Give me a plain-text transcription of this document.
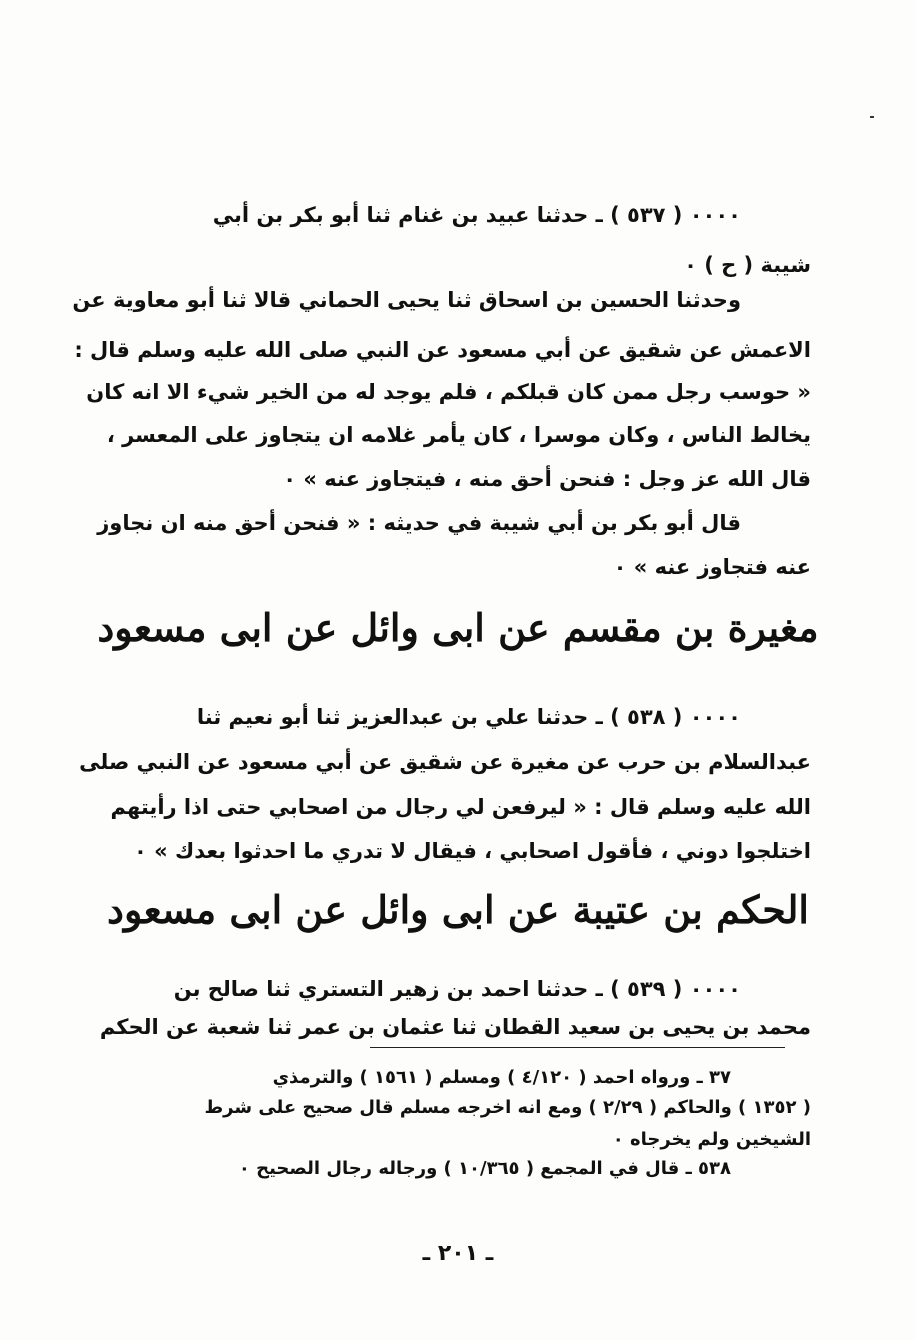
٠٠٠٠ ( ٥٣٧ ) ـ حدثنا عبيد بن غنام ثنا أبو بكر بن أبي
شيبة ( ح ) ٠
وحدثنا الحسين بن اسحاق ثنا يحيى الحماني قالا ثنا أبو معاوية عن
الاعمش عن شقيق عن أبي مسعود عن النبي صلى الله عليه وسلم قال :
« حوسب رجل ممن كان قبلكم ، فلم يوجد له من الخير شيء الا انه كان
يخالط الناس ، وكان موسرا ، كان يأمر غلامه ان يتجاوز على المعسر ،
قال الله عز وجل : فنحن أحق منه ، فيتجاوز عنه » ٠
قال أبو بكر بن أبي شيبة في حديثه : « فنحن أحق منه ان نجاوز
عنه فتجاوز عنه » ٠
مغيرة بن مقسم عن ابى وائل عن ابى مسعود
٠٠٠٠ ( ٥٣٨ ) ـ حدثنا علي بن عبدالعزيز ثنا أبو نعيم ثنا
عبدالسلام بن حرب عن مغيرة عن شقيق عن أبي مسعود عن النبي صلى
الله عليه وسلم قال : « ليرفعن لي رجال من اصحابي حتى اذا رأيتهم
اختلجوا دوني ، فأقول اصحابي ، فيقال لا تدري ما احدثوا بعدك » ٠
الحكم بن عتيبة عن ابى وائل عن ابى مسعود
٠٠٠٠ ( ٥٣٩ ) ـ حدثنا احمد بن زهير التستري ثنا صالح بن
محمد بن يحيى بن سعيد القطان ثنا عثمان بن عمر ثنا شعبة عن الحكم
٣٧ ـ ورواه احمد ( ٤/١٢٠ ) ومسلم ( ١٥٦١ ) والترمذي
( ١٣٥٢ ) والحاكم ( ٢/٢٩ ) ومع انه اخرجه مسلم قال صحيح على شرط
الشيخين ولم يخرجاه ٠
٥٣٨ ـ قال في المجمع ( ١٠/٣٦٥ ) ورجاله رجال الصحيح ٠
ـ ٢٠١ ـ
